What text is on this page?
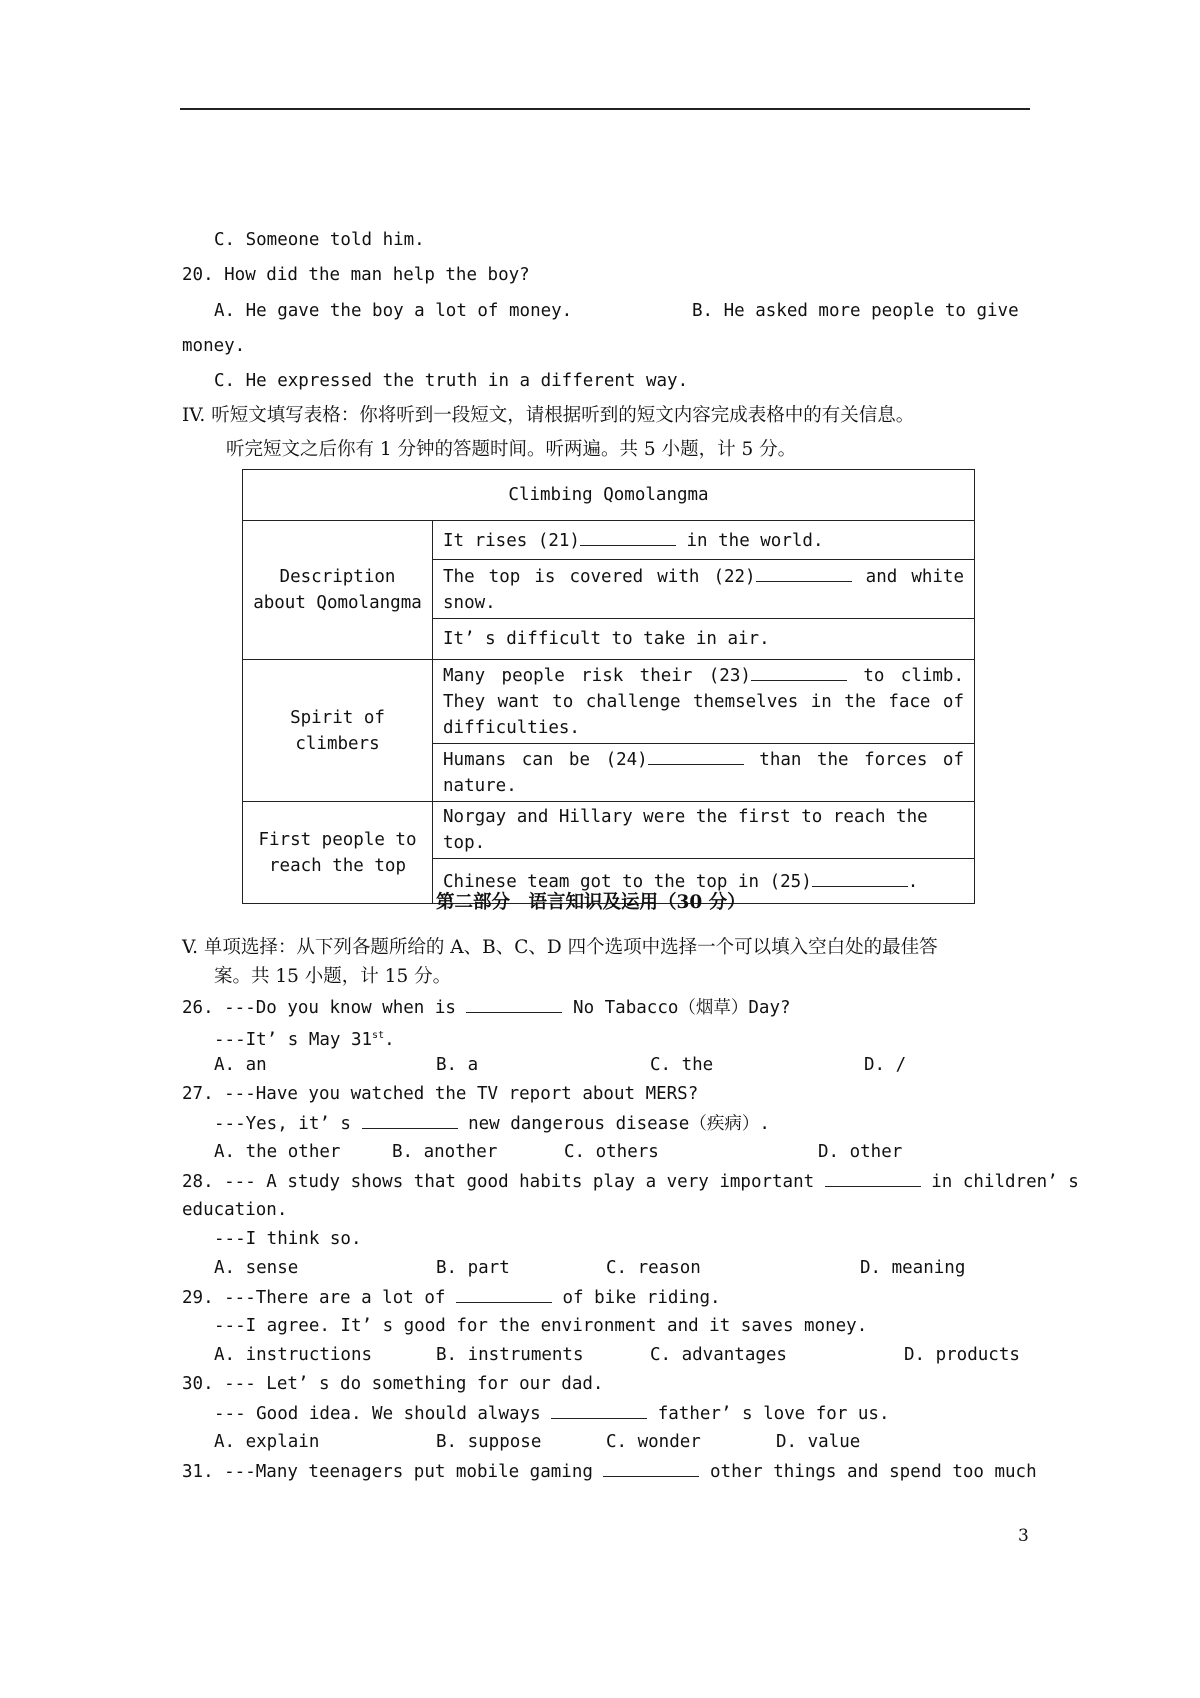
C. Someone told him.
20. How did the man help the boy?
A. He gave the boy a lot of money.	B. He asked more people to give
money.
C. He expressed the truth in a different way.
IV. 听短文填写表格：你将听到一段短文，请根据听到的短文内容完成表格中的有关信息。
听完短文之后你有 1 分钟的答题时间。听两遍。共 5 小题，计 5 分。
Climbing Qomolangma	
Description about Qomolangma	It rises (21) in the world.
	The top is covered with (22) and white snow.
	It’ s difficult to take in air.
Spirit of climbers	Many people risk their (23) to climb. They want to challenge themselves in the face of difficulties.
	Humans can be (24) than the forces of nature.
First people to reach the top	Norgay and Hillary were the first to reach the top.
	Chinese team got to the top in (25) .
第二部分　语言知识及运用（30 分）
V. 单项选择：从下列各题所给的 A、B、C、D 四个选项中选择一个可以填入空白处的最佳答
案。共 15 小题，计 15 分。
26. ---Do you know when is	No Tabacco（烟草）Day?
---It’ s May 31st.
A. an	B. a	C. the	D. /
27. ---Have you watched the TV report about MERS?
---Yes, it’ s	new dangerous disease（疾病）.
A. the other	B. another	C. others	D. other
28. --- A study shows that good habits play a very important	in children’ s
education.
---I think so.
A. sense	B. part	C. reason	D. meaning
29. ---There are a lot of	of bike riding.
---I agree. It’ s good for the environment and it saves money.
A. instructions	B. instruments	C. advantages	D. products
30. --- Let’ s do something for our dad.
--- Good idea. We should always	father’ s love for us.
A. explain	B. suppose	C. wonder	D. value
31. ---Many teenagers put mobile gaming	other things and spend too much
3
